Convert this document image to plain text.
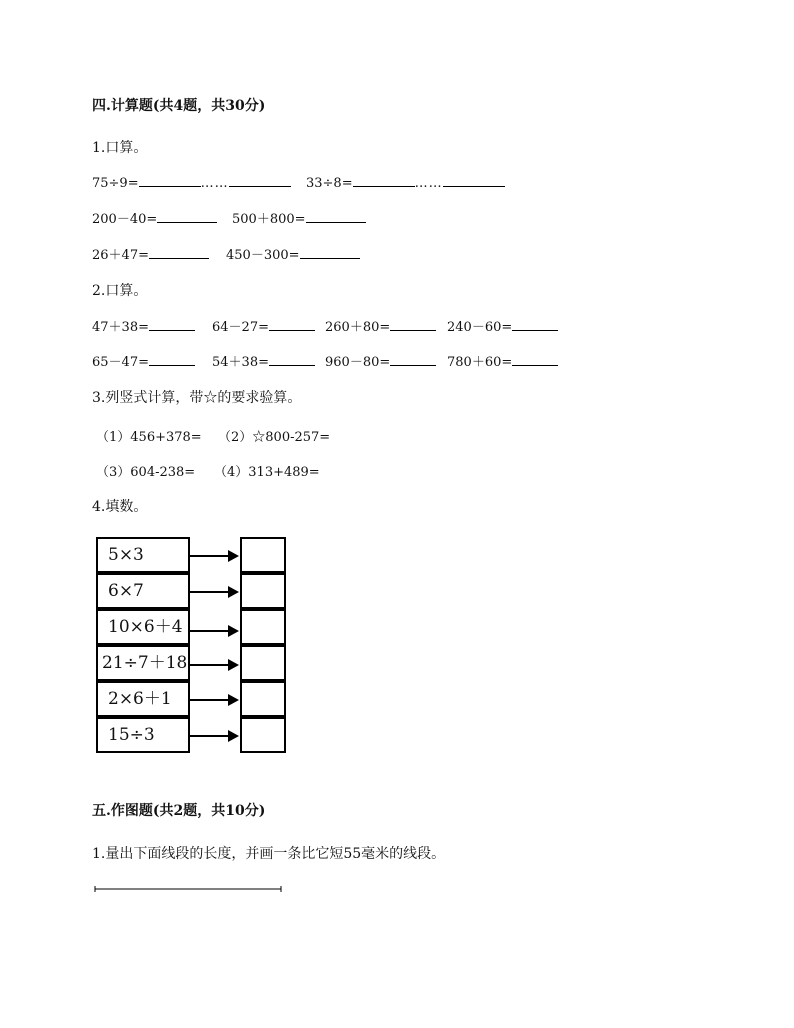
四.计算题(共4题，共30分)
1.口算。
75÷9=	……	33÷8=	……
200－40=	500＋800=
26＋47=	450－300=
2.口算。
47＋38=	64－27=	260＋80=	240－60=
65－47=	54＋38=	960－80=	780＋60=
3.列竖式计算，带☆的要求验算。
（1）456+378= （2）☆800-257=
（3）604-238= （4）313+489=
4.填数。
5×3
6×7
10×6＋4
21÷7＋18
2×6＋1
15÷3
五.作图题(共2题，共10分)
1.量出下面线段的长度，并画一条比它短55毫米的线段。
